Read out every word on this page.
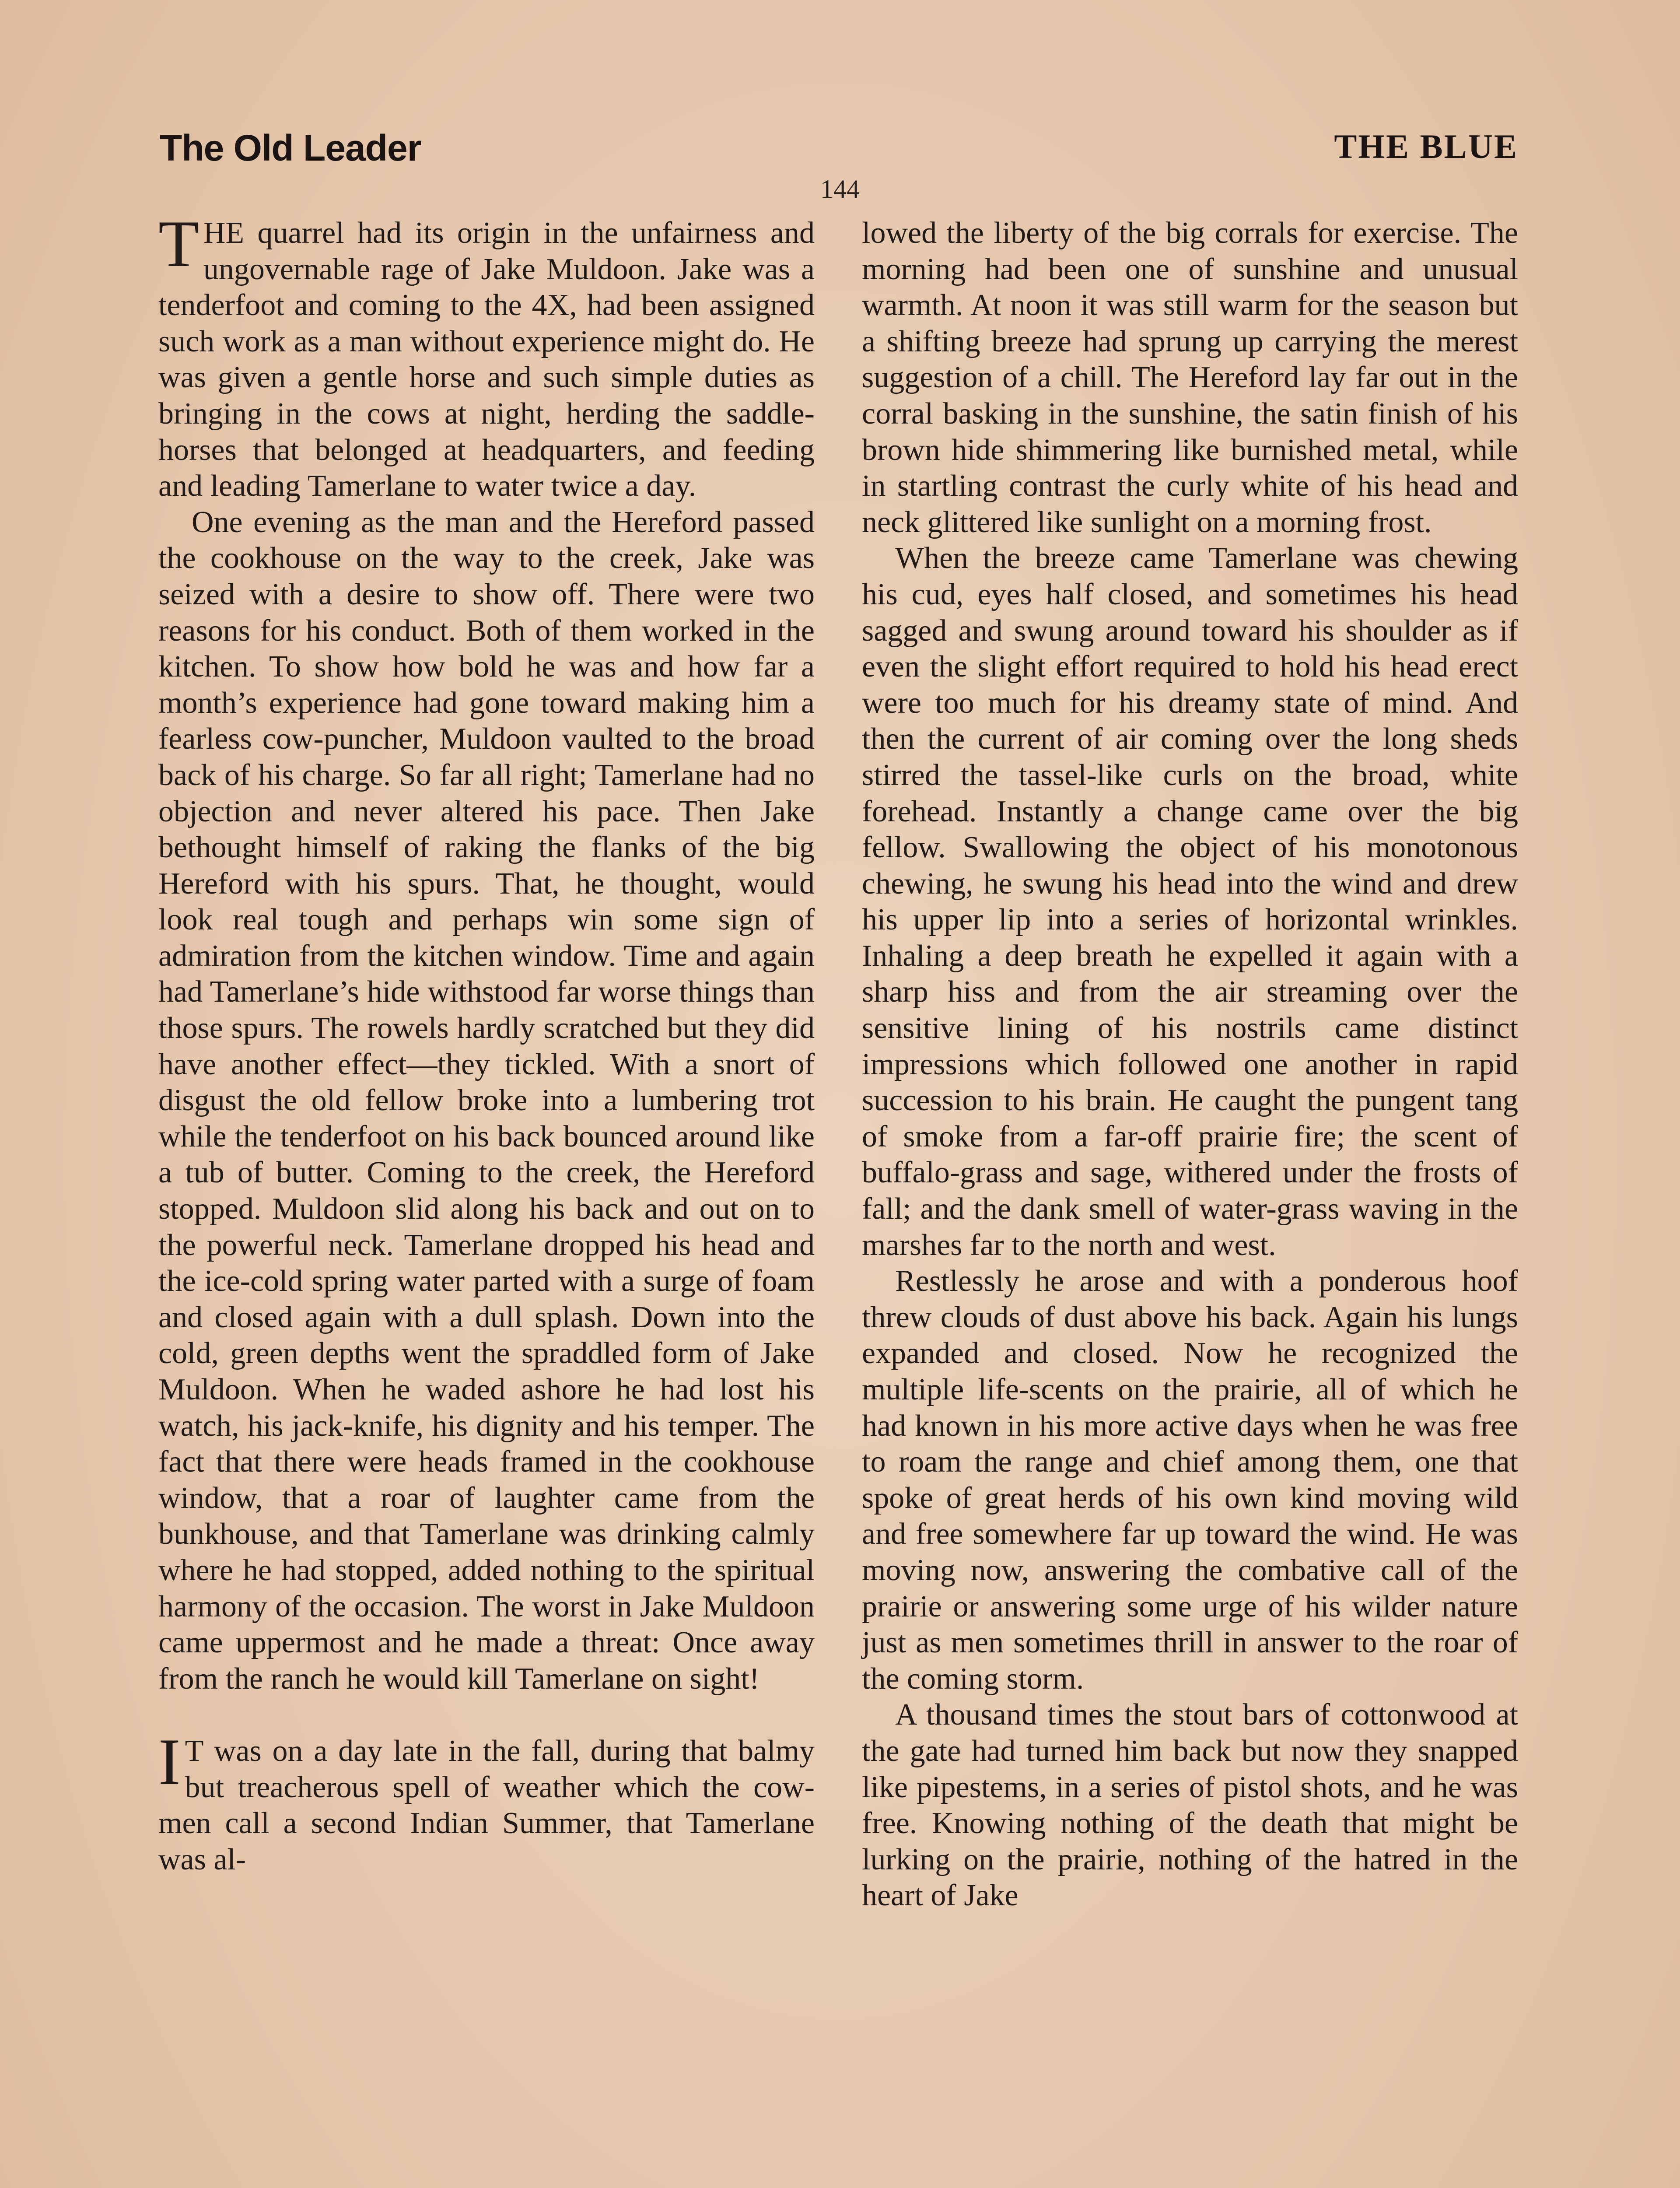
The Old Leader	THE BLUE
144

THE quarrel had its origin in the unfairness and ungovernable rage of Jake Muldoon. Jake was a tenderfoot and coming to the 4X, had been assigned such work as a man without experience might do. He was given a gentle horse and such simple duties as bringing in the cows at night, herding the saddle-horses that belonged at headquarters, and feeding and leading Tamerlane to water twice a day.

One evening as the man and the Hereford passed the cookhouse on the way to the creek, Jake was seized with a desire to show off. There were two reasons for his conduct. Both of them worked in the kitchen. To show how bold he was and how far a month’s experience had gone toward making him a fearless cow-puncher, Muldoon vaulted to the broad back of his charge. So far all right; Tamerlane had no objection and never altered his pace. Then Jake bethought himself of raking the flanks of the big Hereford with his spurs. That, he thought, would look real tough and perhaps win some sign of admiration from the kitchen window. Time and again had Tamerlane’s hide withstood far worse things than those spurs. The rowels hardly scratched but they did have another effect—they tickled. With a snort of disgust the old fellow broke into a lumbering trot while the tenderfoot on his back bounced around like a tub of butter. Coming to the creek, the Hereford stopped. Muldoon slid along his back and out on to the powerful neck. Tamerlane dropped his head and the ice-cold spring water parted with a surge of foam and closed again with a dull splash. Down into the cold, green depths went the spraddled form of Jake Muldoon. When he waded ashore he had lost his watch, his jack-knife, his dignity and his temper. The fact that there were heads framed in the cookhouse window, that a roar of laughter came from the bunkhouse, and that Tamerlane was drinking calmly where he had stopped, added nothing to the spiritual harmony of the occasion. The worst in Jake Muldoon came uppermost and he made a threat: Once away from the ranch he would kill Tamerlane on sight!

IT was on a day late in the fall, during that balmy but treacherous spell of weather which the cow-men call a second Indian Summer, that Tamerlane was al-

lowed the liberty of the big corrals for exercise. The morning had been one of sunshine and unusual warmth. At noon it was still warm for the season but a shifting breeze had sprung up carrying the merest suggestion of a chill. The Hereford lay far out in the corral basking in the sunshine, the satin finish of his brown hide shimmering like burnished metal, while in startling contrast the curly white of his head and neck glittered like sunlight on a morning frost.

When the breeze came Tamerlane was chewing his cud, eyes half closed, and sometimes his head sagged and swung around toward his shoulder as if even the slight effort required to hold his head erect were too much for his dreamy state of mind. And then the current of air coming over the long sheds stirred the tassel-like curls on the broad, white forehead. Instantly a change came over the big fellow. Swallowing the object of his monotonous chewing, he swung his head into the wind and drew his upper lip into a series of horizontal wrinkles. Inhaling a deep breath he expelled it again with a sharp hiss and from the air streaming over the sensitive lining of his nostrils came distinct impressions which followed one another in rapid succession to his brain. He caught the pungent tang of smoke from a far-off prairie fire; the scent of buffalo-grass and sage, withered under the frosts of fall; and the dank smell of water-grass waving in the marshes far to the north and west.

Restlessly he arose and with a ponderous hoof threw clouds of dust above his back. Again his lungs expanded and closed. Now he recognized the multiple life-scents on the prairie, all of which he had known in his more active days when he was free to roam the range and chief among them, one that spoke of great herds of his own kind moving wild and free somewhere far up toward the wind. He was moving now, answering the combative call of the prairie or answering some urge of his wilder nature just as men sometimes thrill in answer to the roar of the coming storm.

A thousand times the stout bars of cottonwood at the gate had turned him back but now they snapped like pipestems, in a series of pistol shots, and he was free. Knowing nothing of the death that might be lurking on the prairie, nothing of the hatred in the heart of Jake
